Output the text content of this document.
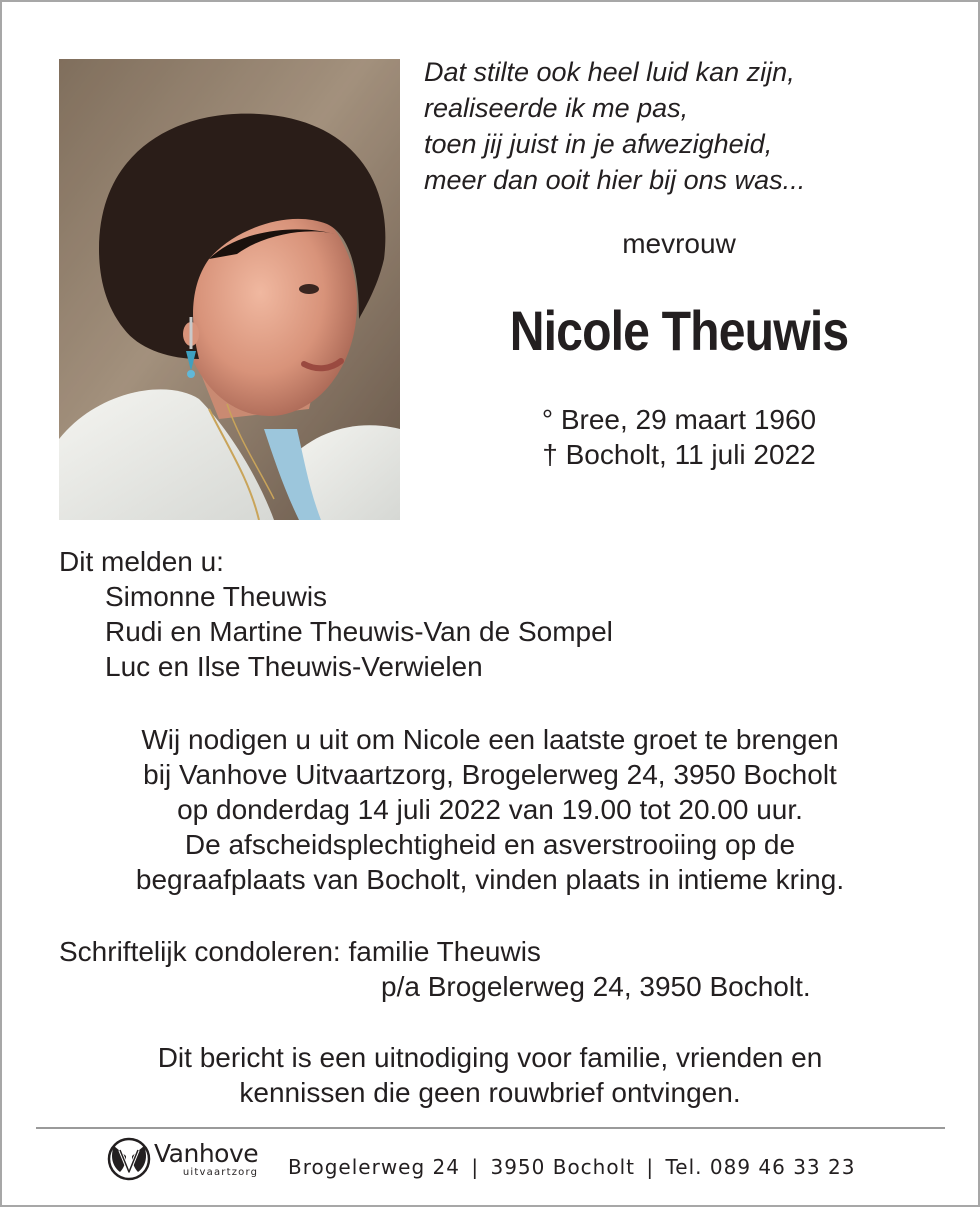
Dat stilte ook heel luid kan zijn,
realiseerde ik me pas,
toen jij juist in je afwezigheid,
meer dan ooit hier bij ons was...
mevrouw
Nicole Theuwis
° Bree, 29 maart 1960
† Bocholt, 11 juli 2022
Dit melden u:
Simonne Theuwis
Rudi en Martine Theuwis-Van de Sompel
Luc en Ilse Theuwis-Verwielen
Wij nodigen u uit om Nicole een laatste groet te brengen
bij Vanhove Uitvaartzorg, Brogelerweg 24, 3950 Bocholt
op donderdag 14 juli 2022 van 19.00 tot 20.00 uur.
De afscheidsplechtigheid en asverstrooiing op de
begraafplaats van Bocholt, vinden plaats in intieme kring.
Schriftelijk condoleren: familie Theuwis
p/a Brogelerweg 24, 3950 Bocholt.
Dit bericht is een uitnodiging voor familie, vrienden en
kennissen die geen rouwbrief ontvingen.
Vanhove
uitvaartzorg Brogelerweg 24 | 3950 Bocholt | Tel. 089 46 33 23
